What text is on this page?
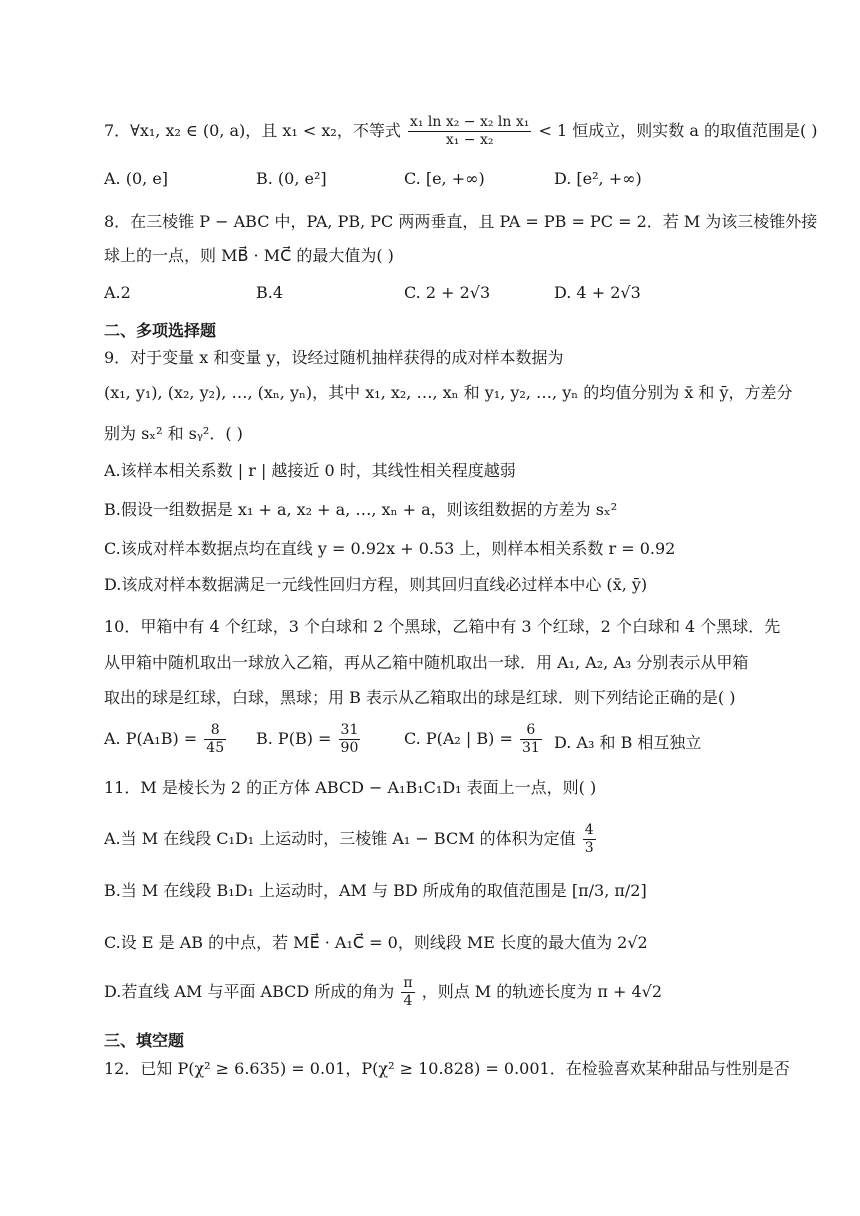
7．∀x₁, x₂ ∈ (0, a)，且 x₁ < x₂，不等式 $\frac{\text{x₁ ln x₂ − x₂ ln x₁}}{\text{x₁ − x₂}} < 1$ 恒成立，则实数 a 的取值范围是( )
A. (0, e]	B. (0, e²]	C. [e, +∞)	D. [e², +∞)
8．在三棱锥 P − ABC 中，PA, PB, PC 两两垂直，且 PA = PB = PC = 2．若 M 为该三棱锥外接
球上的一点，则 MB⃗ · MC⃗ 的最大值为( )
A.2	B.4	C. 2 + 2√3	D. 4 + 2√3
二、多项选择题
9．对于变量 x 和变量 y，设经过随机抽样获得的成对样本数据为
(x₁, y₁), (x₂, y₂), …, (xₙ, yₙ)，其中 x₁, x₂, …, xₙ 和 y₁, y₂, …, yₙ 的均值分别为 x̄ 和 ȳ，方差分
别为 sₓ² 和 sᵧ²．( )
A.该样本相关系数 | r | 越接近 0 时，其线性相关程度越弱
B.假设一组数据是 x₁ + a, x₂ + a, …, xₙ + a，则该组数据的方差为 sₓ²
C.该成对样本数据点均在直线 y = 0.92x + 0.53 上，则样本相关系数 r = 0.92
D.该成对样本数据满足一元线性回归方程，则其回归直线必过样本中心 (x̄, ȳ)
10．甲箱中有 4 个红球，3 个白球和 2 个黑球，乙箱中有 3 个红球，2 个白球和 4 个黑球．先
从甲箱中随机取出一球放入乙箱，再从乙箱中随机取出一球．用 A₁, A₂, A₃ 分别表示从甲箱
取出的球是红球，白球，黑球；用 B 表示从乙箱取出的球是红球．则下列结论正确的是( )
A. $P(A_1B) = \frac{8}{45} B$. $P(B) = \frac{31}{90}$	C. P(A₂ | $B) = \frac{6}{31} D$. A₃ 和 B 相互独立
11．M 是棱长为 2 的正方体 ABCD − A₁B₁C₁D₁ 表面上一点，则( )
A.当 M 在线段 C₁D₁ 上运动时，三棱锥 A₁ − BCM 的体积为定值 $\frac{4}{3}$
B.当 M 在线段 B₁D₁ 上运动时，AM 与 BD 所成角的取值范围是 [π/3, π/2]
C.设 E 是 AB 的中点，若 ME⃗ · A₁C⃗ = 0，则线段 ME 长度的最大值为 2√2
D.若直线 AM 与平面 ABCD 所成的角为 $\frac{\pi}{4}$ ，则点 M 的轨迹长度为 π + 4√2
三、填空题
12．已知 P(χ² ≥ 6.635) = 0.01，P(χ² ≥ 10.828) = 0.001．在检验喜欢某种甜品与性别是否
